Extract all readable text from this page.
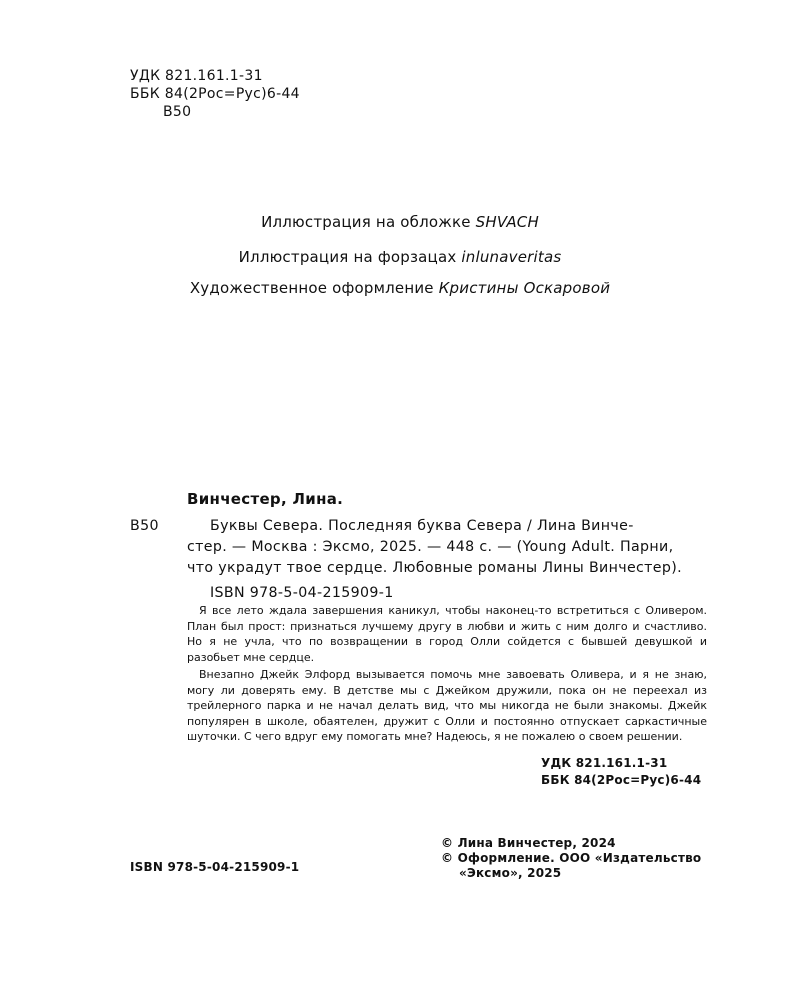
УДК 821.161.1-31
ББК 84(2Рос=Рус)6-44
В50
Иллюстрация на обложке SHVACH
Иллюстрация на форзацах inlunaveritas
Художественное оформление Кристины Оскаровой
Винчестер, Лина.
В50	Буквы Севера. Последняя буква Севера / Лина Винче-
стер. — Москва : Эксмо, 2025. — 448 с. — (Young Adult. Парни,
что украдут твое сердце. Любовные романы Лины Винчестер).
ISBN 978-5-04-215909-1

Я все лето ждала завершения каникул, чтобы наконец-то встретиться с Оливером. План был прост: признаться лучшему другу в любви и жить с ним долго и счастливо. Но я не учла, что по возвращении в город Олли сойдется с бывшей девушкой и разобьет мне сердце.

Внезапно Джейк Элфорд вызывается помочь мне завоевать Оливера, и я не знаю, могу ли доверять ему. В детстве мы с Джейком дружили, пока он не переехал из трейлерного парка и не начал делать вид, что мы никогда не были знакомы. Джейк популярен в школе, обаятелен, дружит с Олли и постоянно отпускает саркастичные шуточки. С чего вдруг ему помогать мне? Надеюсь, я не пожалею о своем решении.

УДК 821.161.1-31
ББК 84(2Рос=Рус)6-44
ISBN 978-5-04-215909-1
© Лина Винчестер, 2024
© Оформление. ООО «Издательство
«Эксмо», 2025
